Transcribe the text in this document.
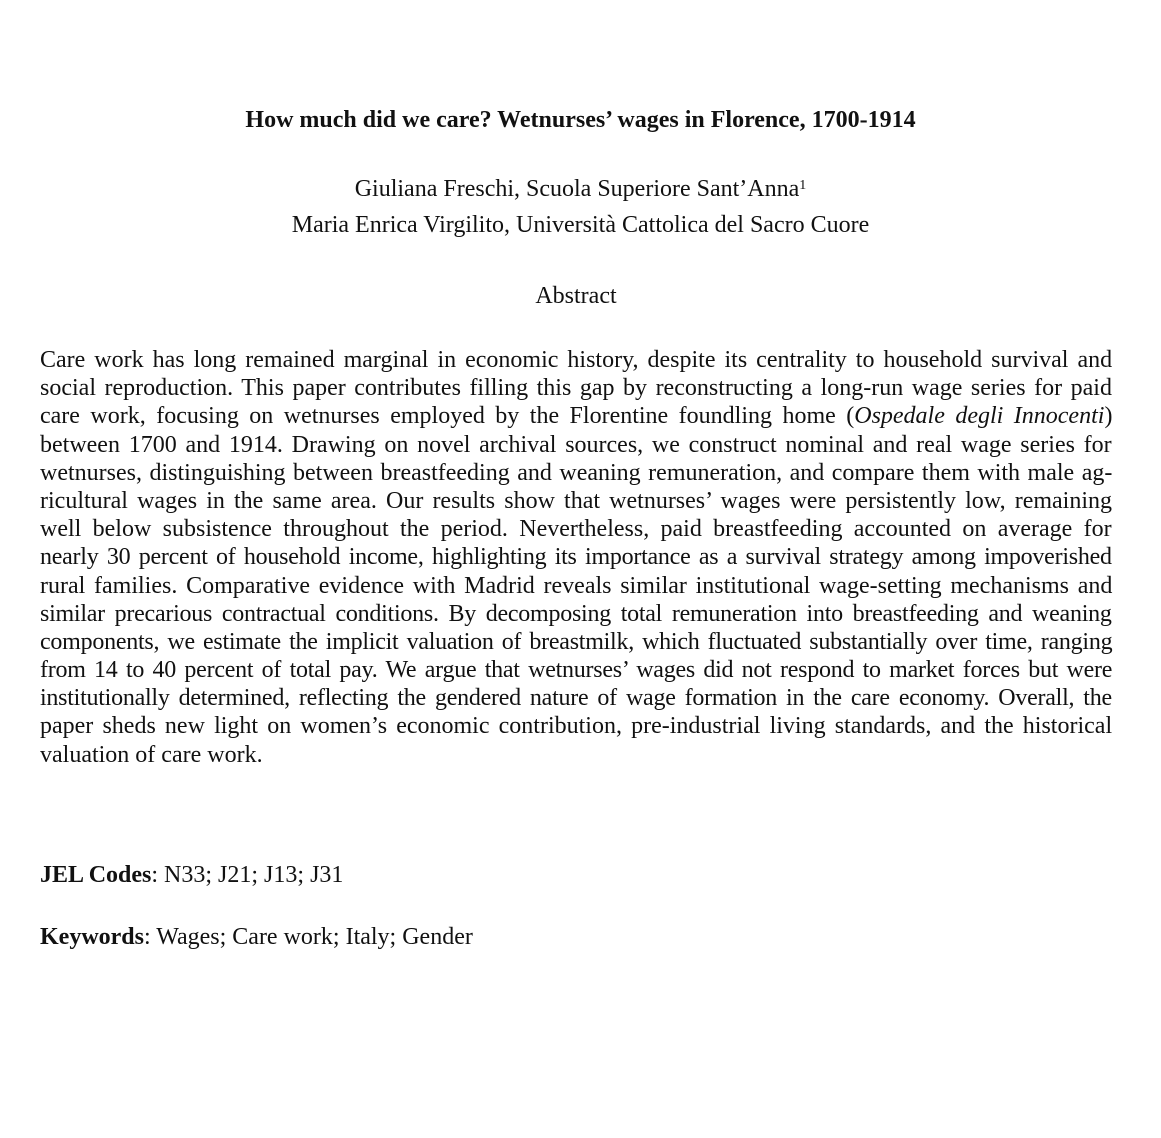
How much did we care? Wetnurses’ wages in Florence, 1700-1914
Giuliana Freschi, Scuola Superiore Sant’Anna$^1$
Maria Enrica Virgilito, Università Cattolica del Sacro Cuore
Abstract
Care work has long remained marginal in economic history, despite its centrality to household survival and
social reproduction. This paper contributes filling this gap by reconstructing a long-run wage series for paid
care work, focusing on wetnurses employed by the Florentine foundling home (Ospedale degli Innocenti)
between 1700 and 1914. Drawing on novel archival sources, we construct nominal and real wage series for
wetnurses, distinguishing between breastfeeding and weaning remuneration, and compare them with male ag-
ricultural wages in the same area. Our results show that wetnurses’ wages were persistently low, remaining
well below subsistence throughout the period. Nevertheless, paid breastfeeding accounted on average for
nearly 30 percent of household income, highlighting its importance as a survival strategy among impoverished
rural families. Comparative evidence with Madrid reveals similar institutional wage-setting mechanisms and
similar precarious contractual conditions. By decomposing total remuneration into breastfeeding and weaning
components, we estimate the implicit valuation of breastmilk, which fluctuated substantially over time, ranging
from 14 to 40 percent of total pay. We argue that wetnurses’ wages did not respond to market forces but were
institutionally determined, reflecting the gendered nature of wage formation in the care economy. Overall, the
paper sheds new light on women’s economic contribution, pre-industrial living standards, and the historical
valuation of care work.
JEL Codes: N33; J21; J13; J31
Keywords: Wages; Care work; Italy; Gender
